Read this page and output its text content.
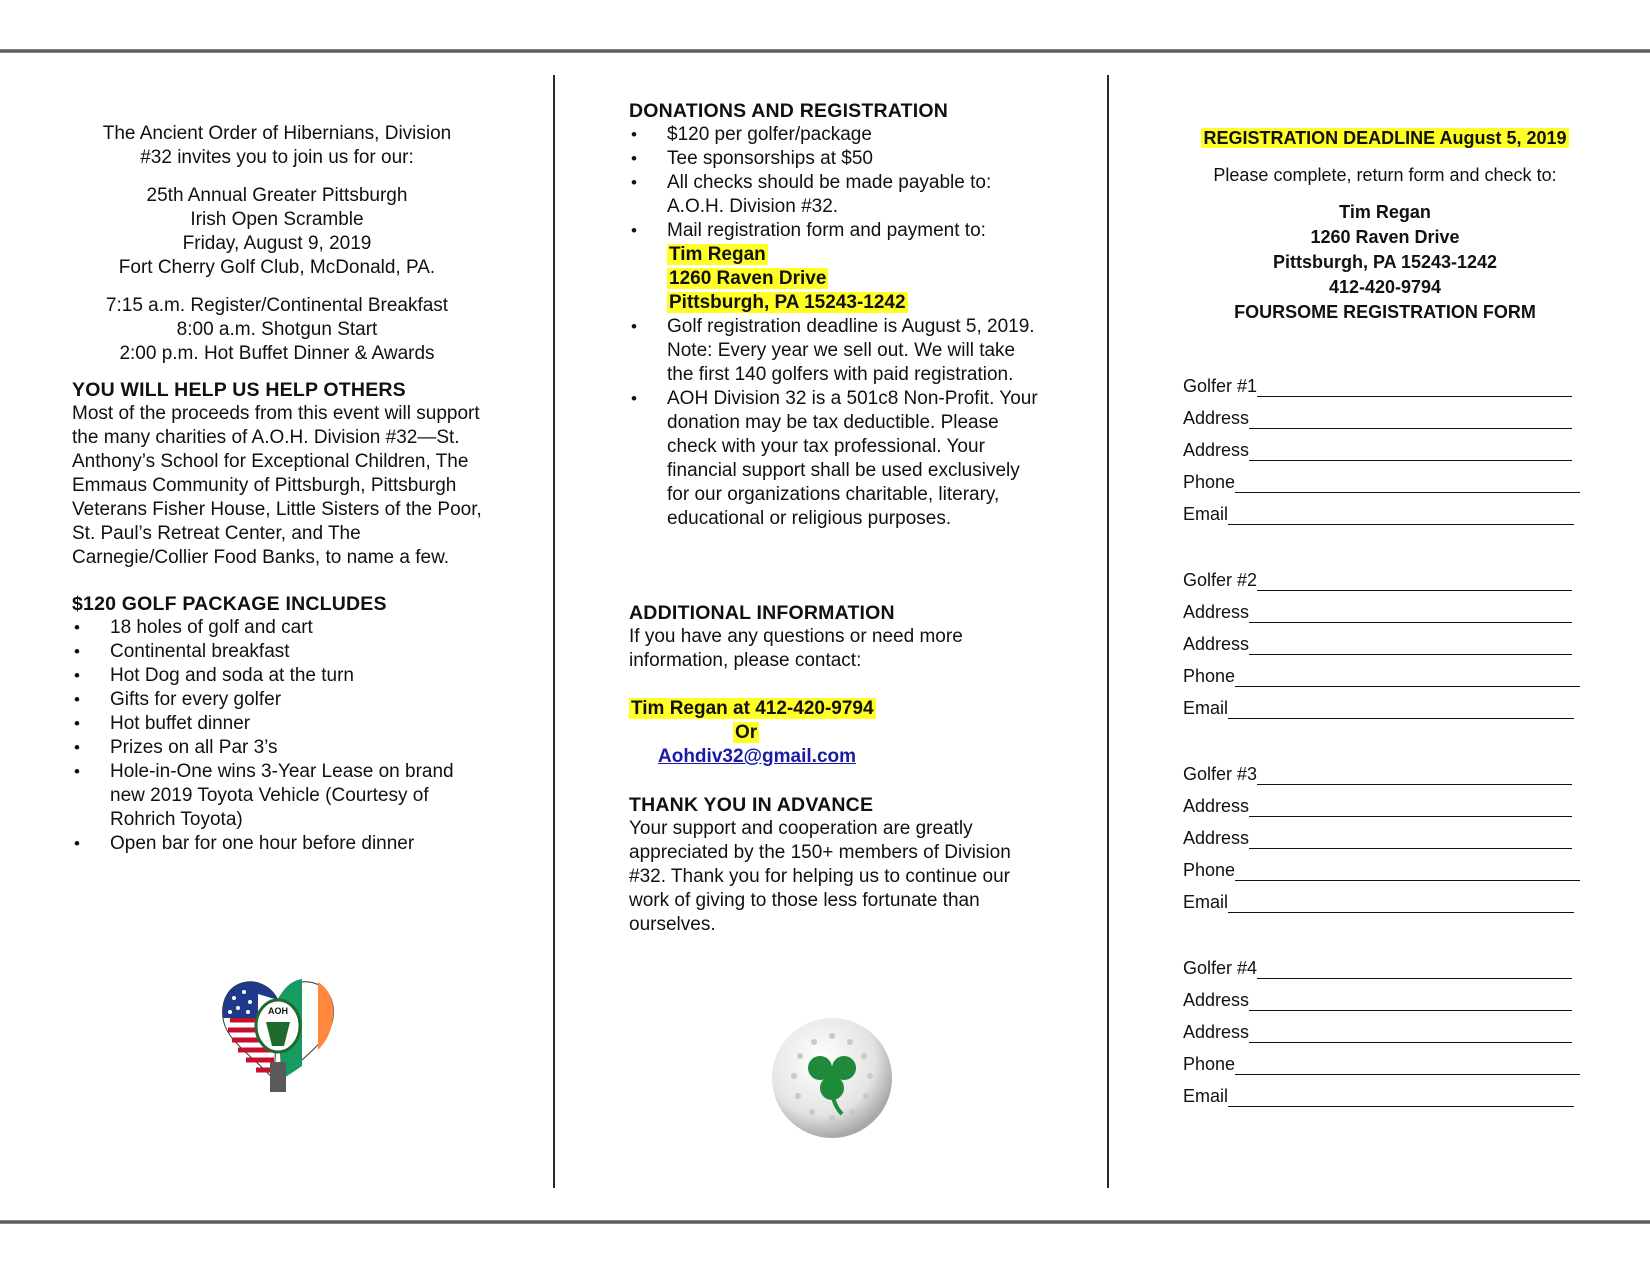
The Ancient Order of Hibernians, Division
#32 invites you to join us for our:
25th Annual Greater Pittsburgh
Irish Open Scramble
Friday, August 9, 2019
Fort Cherry Golf Club, McDonald, PA.
7:15 a.m. Register/Continental Breakfast
8:00 a.m. Shotgun Start
2:00 p.m. Hot Buffet Dinner & Awards
YOU WILL HELP US HELP OTHERS
Most of the proceeds from this event will support the many charities of A.O.H. Division #32—St. Anthony’s School for Exceptional Children, The Emmaus Community of Pittsburgh, Pittsburgh Veterans Fisher House, Little Sisters of the Poor, St. Paul’s Retreat Center, and The Carnegie/Collier Food Banks, to name a few.
$120 GOLF PACKAGE INCLUDES
• 18 holes of golf and cart
• Continental breakfast
• Hot Dog and soda at the turn
• Gifts for every golfer
• Hot buffet dinner
• Prizes on all Par 3’s
• Hole-in-One wins 3-Year Lease on brand new 2019 Toyota Vehicle (Courtesy of Rohrich Toyota)
• Open bar for one hour before dinner
AOH
DONATIONS AND REGISTRATION
• $120 per golfer/package
• Tee sponsorships at $50
• All checks should be made payable to: A.O.H. Division #32.
• Mail registration form and payment to:
Tim Regan
1260 Raven Drive
Pittsburgh, PA 15243-1242
• Golf registration deadline is August 5, 2019. Note: Every year we sell out. We will take the first 140 golfers with paid registration.
• AOH Division 32 is a 501c8 Non-Profit. Your donation may be tax deductible. Please check with your tax professional. Your financial support shall be used exclusively for our organizations charitable, literary, educational or religious purposes.
ADDITIONAL INFORMATION
If you have any questions or need more information, please contact:
Tim Regan at 412-420-9794
Or
Aohdiv32@gmail.com
THANK YOU IN ADVANCE
Your support and cooperation are greatly appreciated by the 150+ members of Division #32. Thank you for helping us to continue our work of giving to those less fortunate than ourselves.
REGISTRATION DEADLINE August 5, 2019
Please complete, return form and check to:
Tim Regan
1260 Raven Drive
Pittsburgh, PA 15243-1242
412-420-9794
FOURSOME REGISTRATION FORM
Golfer #1
Address
Address
Phone
Email
Golfer #2
Address
Address
Phone
Email
Golfer #3
Address
Address
Phone
Email
Golfer #4
Address
Address
Phone
Email
